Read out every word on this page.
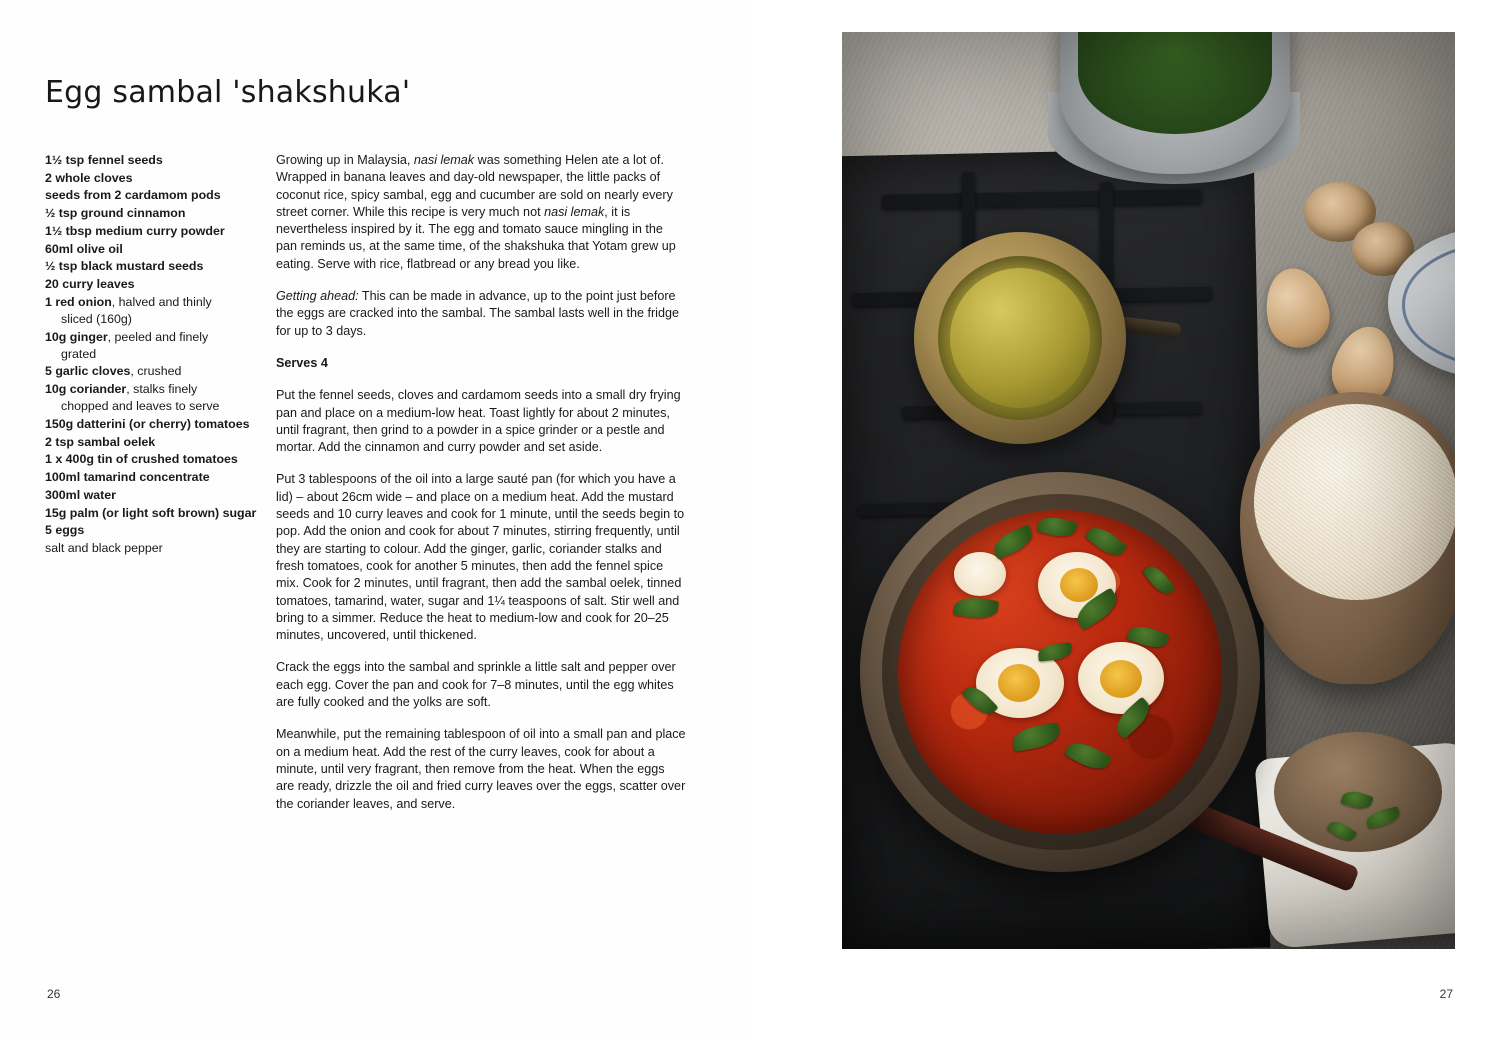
Egg sambal 'shakshuka'
1½ tsp fennel seeds
2 whole cloves
seeds from 2 cardamom pods
½ tsp ground cinnamon
1½ tbsp medium curry powder
60ml olive oil
½ tsp black mustard seeds
20 curry leaves
1 red onion, halved and thinly
sliced (160g)
10g ginger, peeled and finely
grated
5 garlic cloves, crushed
10g coriander, stalks finely
chopped and leaves to serve
150g datterini (or cherry) tomatoes
2 tsp sambal oelek
1 x 400g tin of crushed tomatoes
100ml tamarind concentrate
300ml water
15g palm (or light soft brown) sugar
5 eggs
salt and black pepper

Growing up in Malaysia, nasi lemak was something Helen ate a lot of. Wrapped in banana leaves and day-old newspaper, the little packs of coconut rice, spicy sambal, egg and cucumber are sold on nearly every street corner. While this recipe is very much not nasi lemak, it is nevertheless inspired by it. The egg and tomato sauce mingling in the pan reminds us, at the same time, of the shakshuka that Yotam grew up eating. Serve with rice, flatbread or any bread you like.

Getting ahead: This can be made in advance, up to the point just before the eggs are cracked into the sambal. The sambal lasts well in the fridge for up to 3 days.

Serves 4

Put the fennel seeds, cloves and cardamom seeds into a small dry frying pan and place on a medium-low heat. Toast lightly for about 2 minutes, until fragrant, then grind to a powder in a spice grinder or a pestle and mortar. Add the cinnamon and curry powder and set aside.

Put 3 tablespoons of the oil into a large sauté pan (for which you have a lid) – about 26cm wide – and place on a medium heat. Add the mustard seeds and 10 curry leaves and cook for 1 minute, until the seeds begin to pop. Add the onion and cook for about 7 minutes, stirring frequently, until they are starting to colour. Add the ginger, garlic, coriander stalks and fresh tomatoes, cook for another 5 minutes, then add the fennel spice mix. Cook for 2 minutes, until fragrant, then add the sambal oelek, tinned tomatoes, tamarind, water, sugar and 1¼ teaspoons of salt. Stir well and bring to a simmer. Reduce the heat to medium-low and cook for 20–25 minutes, uncovered, until thickened.

Crack the eggs into the sambal and sprinkle a little salt and pepper over each egg. Cover the pan and cook for 7–8 minutes, until the egg whites are fully cooked and the yolks are soft.

Meanwhile, put the remaining tablespoon of oil into a small pan and place on a medium heat. Add the rest of the curry leaves, cook for about a minute, until very fragrant, then remove from the heat. When the eggs are ready, drizzle the oil and fried curry leaves over the eggs, scatter over the coriander leaves, and serve.

26	27
